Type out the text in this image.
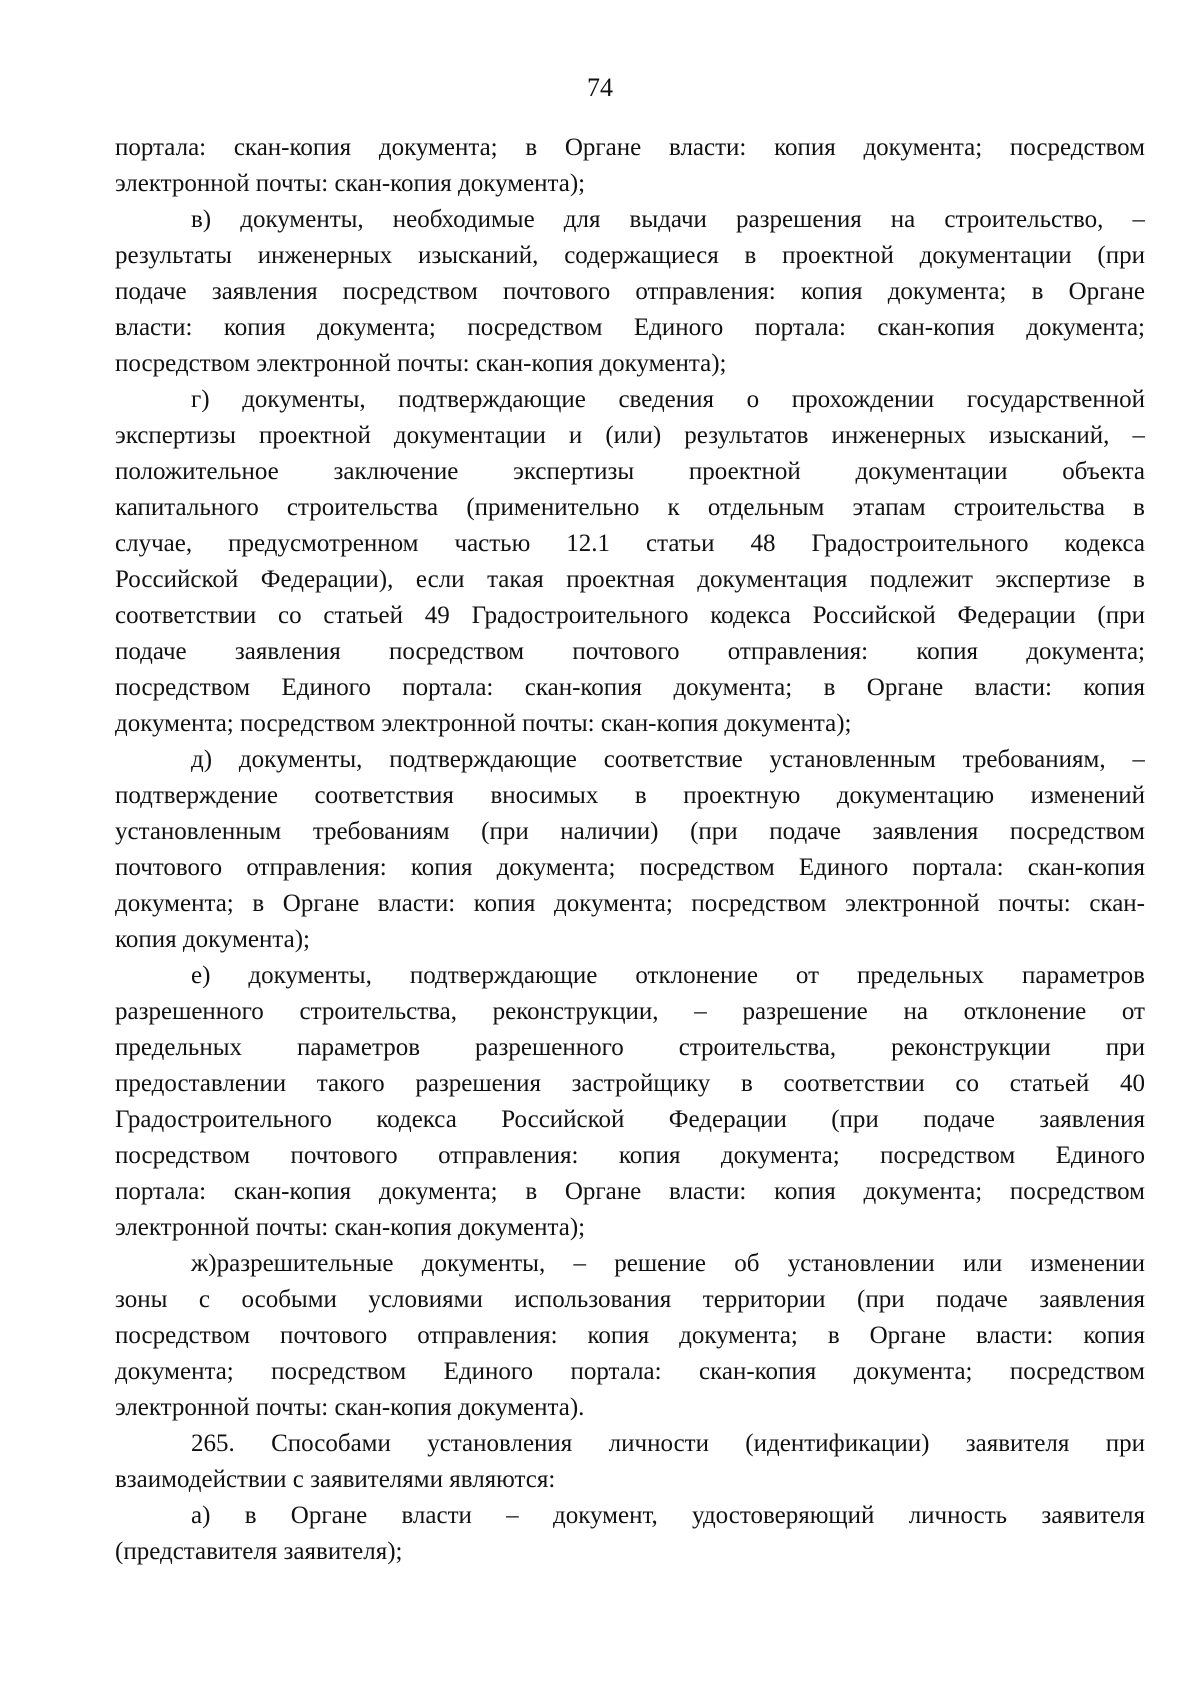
74
портала: скан-копия документа; в Органе власти: копия документа; посредством
электронной почты: скан-копия документа);
в) документы, необходимые для выдачи разрешения на строительство, –
результаты инженерных изысканий, содержащиеся в проектной документации (при
подаче заявления посредством почтового отправления: копия документа; в Органе
власти: копия документа; посредством Единого портала: скан-копия документа;
посредством электронной почты: скан-копия документа);
г) документы, подтверждающие сведения о прохождении государственной
экспертизы проектной документации и (или) результатов инженерных изысканий, –
положительное заключение экспертизы проектной документации объекта
капитального строительства (применительно к отдельным этапам строительства в
случае, предусмотренном частью 12.1 статьи 48 Градостроительного кодекса
Российской Федерации), если такая проектная документация подлежит экспертизе в
соответствии со статьей 49 Градостроительного кодекса Российской Федерации (при
подаче заявления посредством почтового отправления: копия документа;
посредством Единого портала: скан-копия документа; в Органе власти: копия
документа; посредством электронной почты: скан-копия документа);
д) документы, подтверждающие соответствие установленным требованиям, –
подтверждение соответствия вносимых в проектную документацию изменений
установленным требованиям (при наличии) (при подаче заявления посредством
почтового отправления: копия документа; посредством Единого портала: скан-копия
документа; в Органе власти: копия документа; посредством электронной почты: скан-
копия документа);
е) документы, подтверждающие отклонение от предельных параметров
разрешенного строительства, реконструкции, – разрешение на отклонение от
предельных параметров разрешенного строительства, реконструкции при
предоставлении такого разрешения застройщику в соответствии со статьей 40
Градостроительного кодекса Российской Федерации (при подаче заявления
посредством почтового отправления: копия документа; посредством Единого
портала: скан-копия документа; в Органе власти: копия документа; посредством
электронной почты: скан-копия документа);
ж)разрешительные документы, – решение об установлении или изменении
зоны с особыми условиями использования территории (при подаче заявления
посредством почтового отправления: копия документа; в Органе власти: копия
документа; посредством Единого портала: скан-копия документа; посредством
электронной почты: скан-копия документа).
265. Способами установления личности (идентификации) заявителя при
взаимодействии с заявителями являются:
а) в Органе власти – документ, удостоверяющий личность заявителя
(представителя заявителя);
